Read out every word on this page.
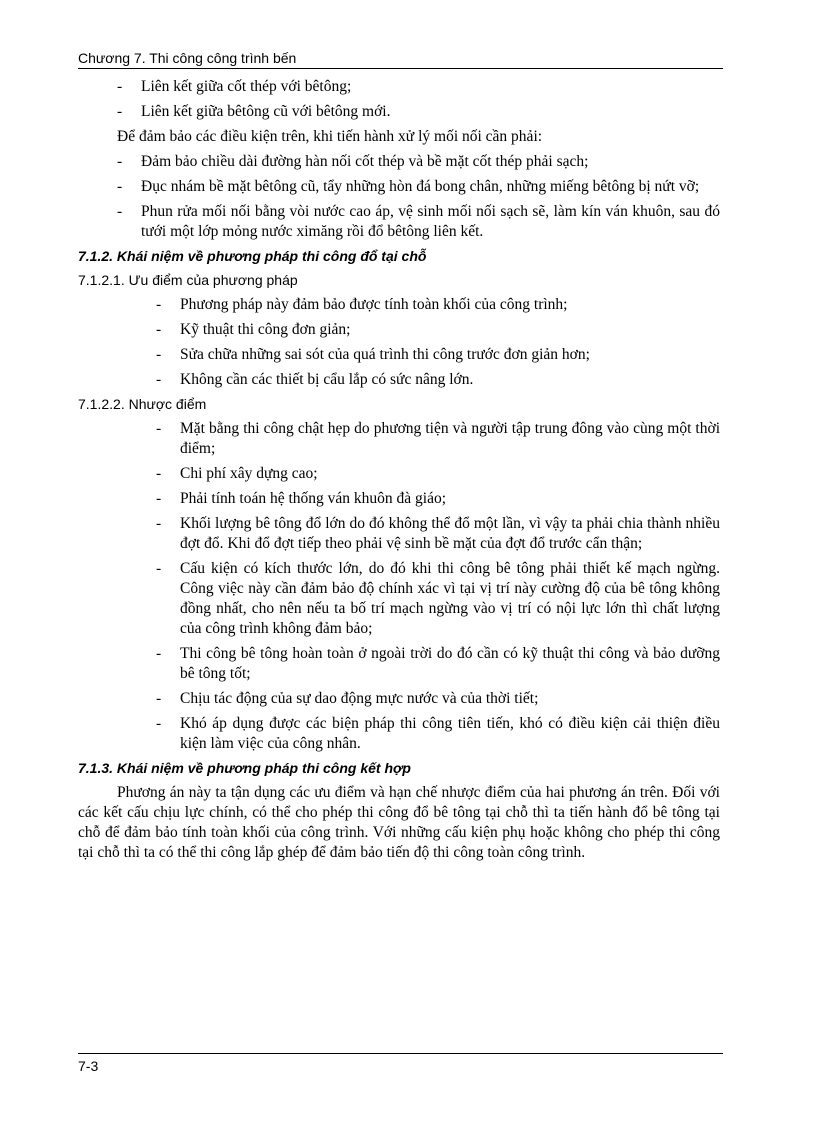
Chương 7. Thi công công trình bến
- Liên kết giữa cốt thép với bêtông;
- Liên kết giữa bêtông cũ với bêtông mới.
Để đảm bảo các điều kiện trên, khi tiến hành xử lý mối nối cần phải:
- Đảm bảo chiều dài đường hàn nối cốt thép và bề mặt cốt thép phải sạch;
- Đục nhám bề mặt bêtông cũ, tẩy những hòn đá bong chân, những miếng bêtông bị nứt vỡ;
- Phun rửa mối nối bằng vòi nước cao áp, vệ sinh mối nối sạch sẽ, làm kín ván khuôn, sau đó tưới một lớp mỏng nước ximăng rồi đổ bêtông liên kết.
7.1.2. Khái niệm về phương pháp thi công đổ tại chỗ
7.1.2.1. Ưu điểm của phương pháp
- Phương pháp này đảm bảo được tính toàn khối của công trình;
- Kỹ thuật thi công đơn giản;
- Sửa chữa những sai sót của quá trình thi công trước đơn giản hơn;
- Không cần các thiết bị cẩu lắp có sức nâng lớn.
7.1.2.2. Nhược điểm
- Mặt bằng thi công chật hẹp do phương tiện và người tập trung đông vào cùng một thời điểm;
- Chi phí xây dựng cao;
- Phải tính toán hệ thống ván khuôn đà giáo;
- Khối lượng bê tông đổ lớn do đó không thể đổ một lần, vì vậy ta phải chia thành nhiều đợt đổ. Khi đổ đợt tiếp theo phải vệ sinh bề mặt của đợt đổ trước cẩn thận;
- Cấu kiện có kích thước lớn, do đó khi thi công bê tông phải thiết kế mạch ngừng. Công việc này cần đảm bảo độ chính xác vì tại vị trí này cường độ của bê tông không đồng nhất, cho nên nếu ta bố trí mạch ngừng vào vị trí có nội lực lớn thì chất lượng của công trình không đảm bảo;
- Thi công bê tông hoàn toàn ở ngoài trời do đó cần có kỹ thuật thi công và bảo dưỡng bê tông tốt;
- Chịu tác động của sự dao động mực nước và của thời tiết;
- Khó áp dụng được các biện pháp thi công tiên tiến, khó có điều kiện cải thiện điều kiện làm việc của công nhân.
7.1.3. Khái niệm về phương pháp thi công kết hợp
Phương án này ta tận dụng các ưu điểm và hạn chế nhược điểm của hai phương án trên. Đối với các kết cấu chịu lực chính, có thể cho phép thi công đổ bê tông tại chỗ thì ta tiến hành đổ bê tông tại chỗ để đảm bảo tính toàn khối của công trình. Với những cấu kiện phụ hoặc không cho phép thi công tại chỗ thì ta có thể thi công lắp ghép để đảm bảo tiến độ thi công toàn công trình.
7-3
